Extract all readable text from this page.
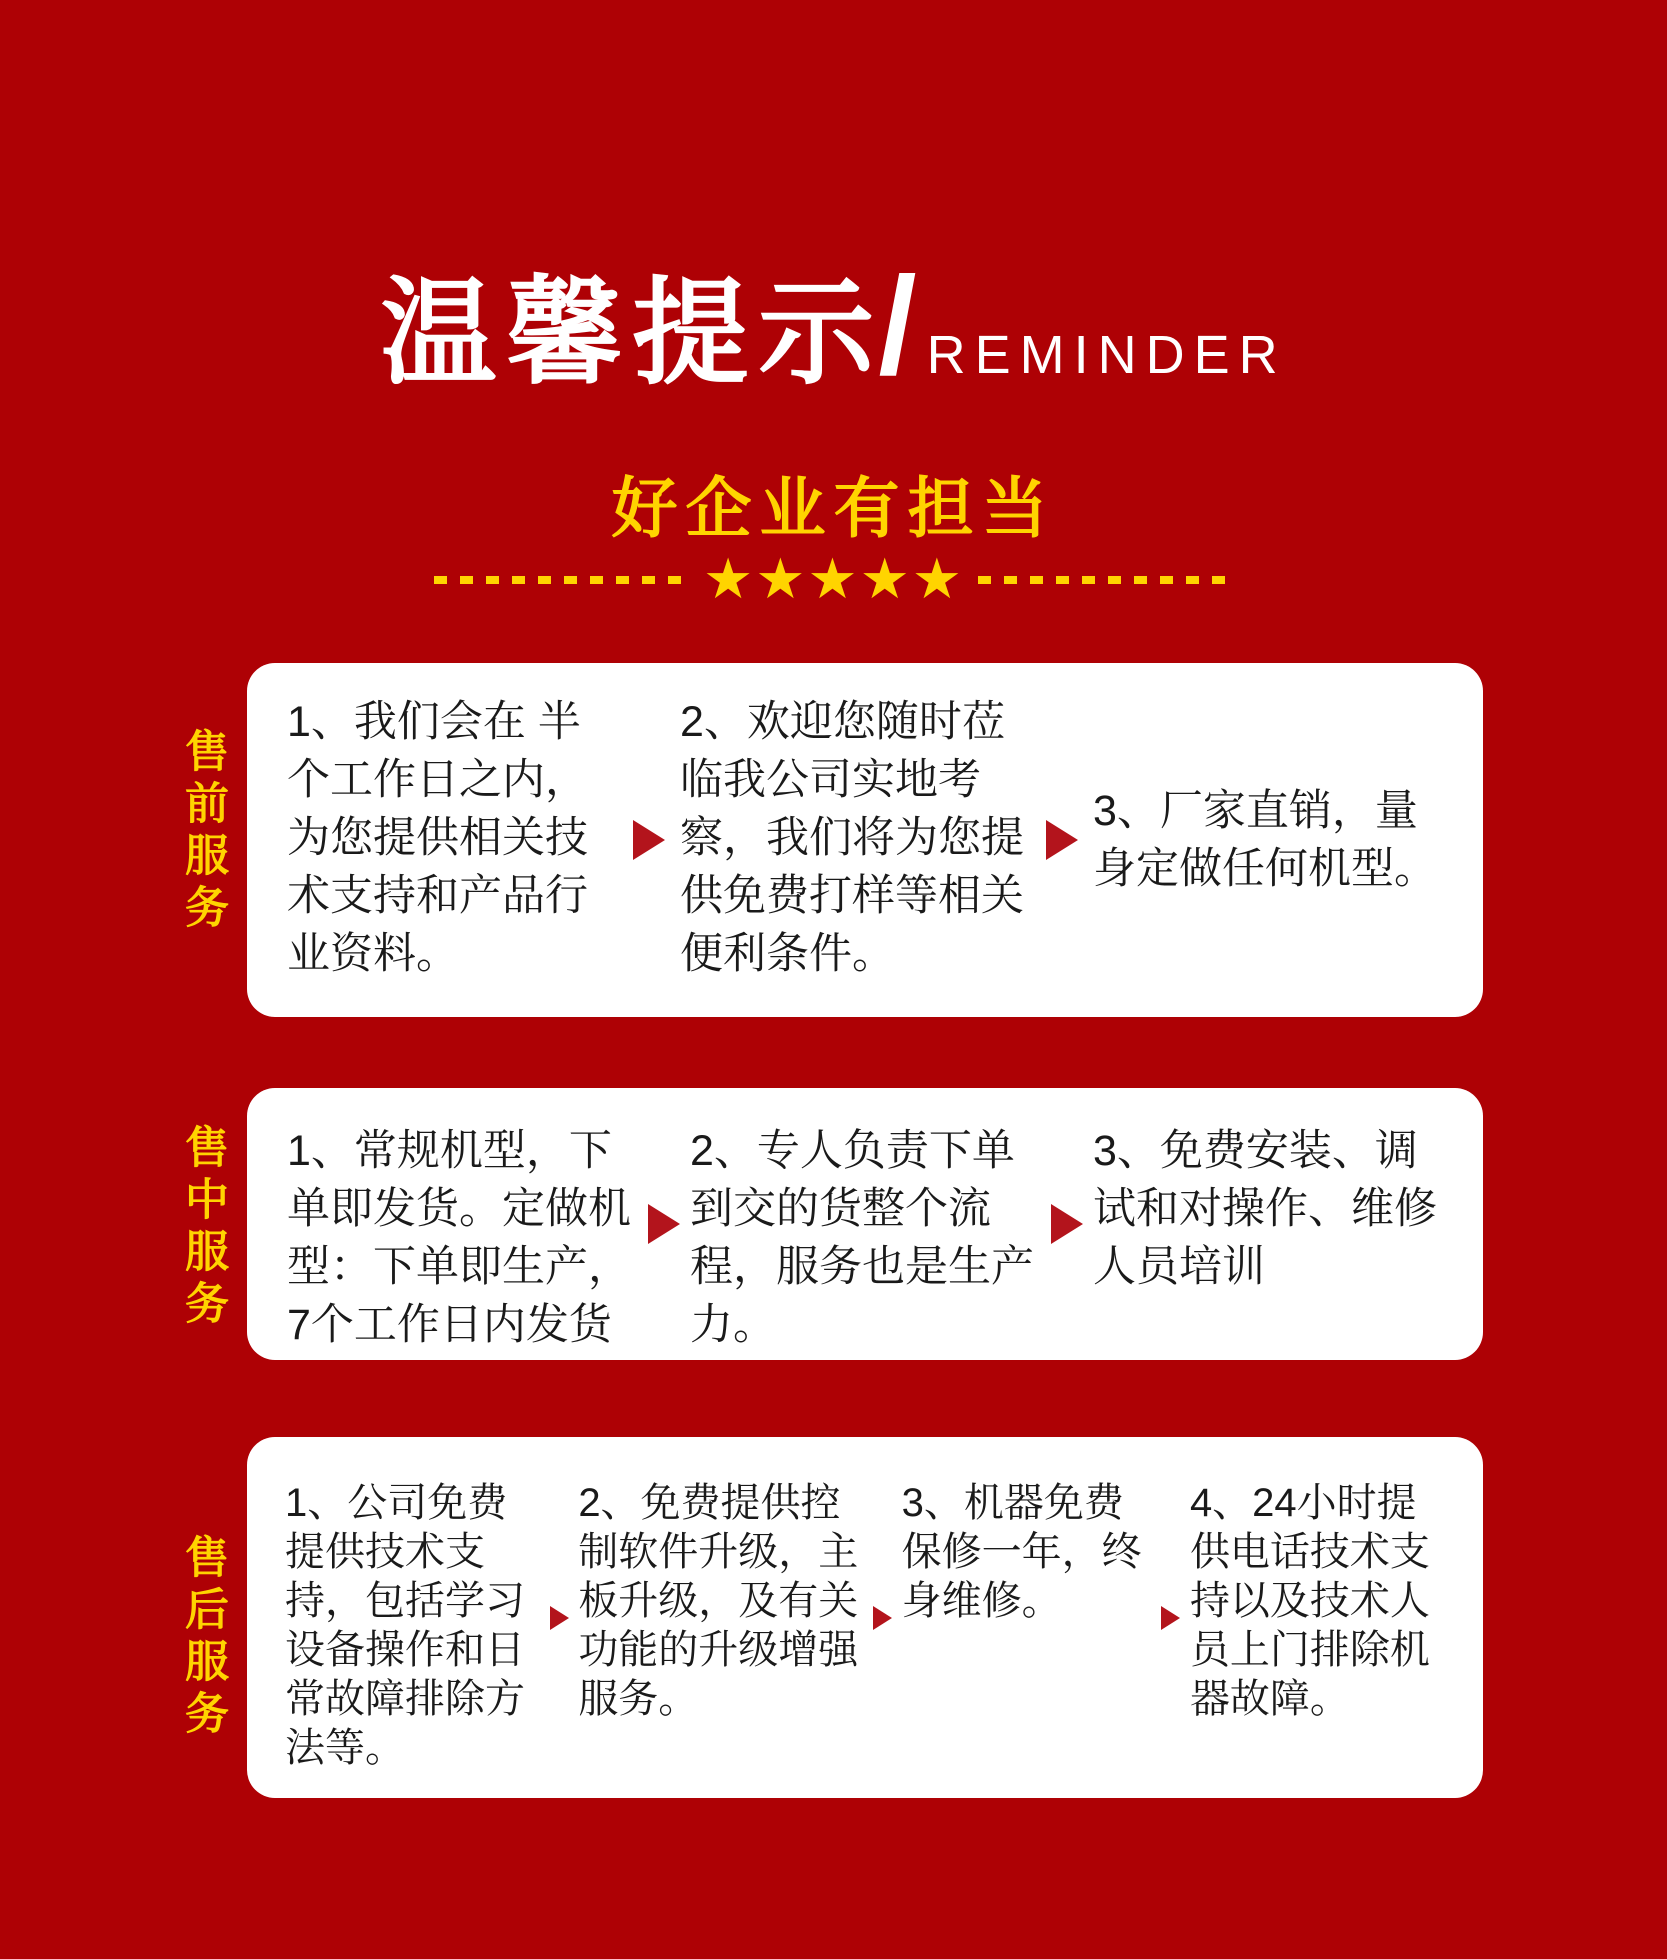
温馨提示
/ REMINDER
好企业有担当
★★★★★
售前服务
售中服务
售后服务
1、我们会在 半个工作日之内，为您提供相关技术支持和产品行业资料。
2、欢迎您随时莅临我公司实地考察，我们将为您提供免费打样等相关便利条件。
3、厂家直销，量身定做任何机型。
1、常规机型，下单即发货。定做机型：下单即生产，7个工作日内发货
2、专人负责下单到交的货整个流程，服务也是生产力。
3、免费安装、调试和对操作、维修人员培训
1、公司免费提供技术支持，包括学习设备操作和日常故障排除方法等。
2、免费提供控制软件升级，主板升级，及有关功能的升级增强服务。
3、机器免费保修一年，终身维修。
4、24小时提供电话技术支持以及技术人员上门排除机器故障。
